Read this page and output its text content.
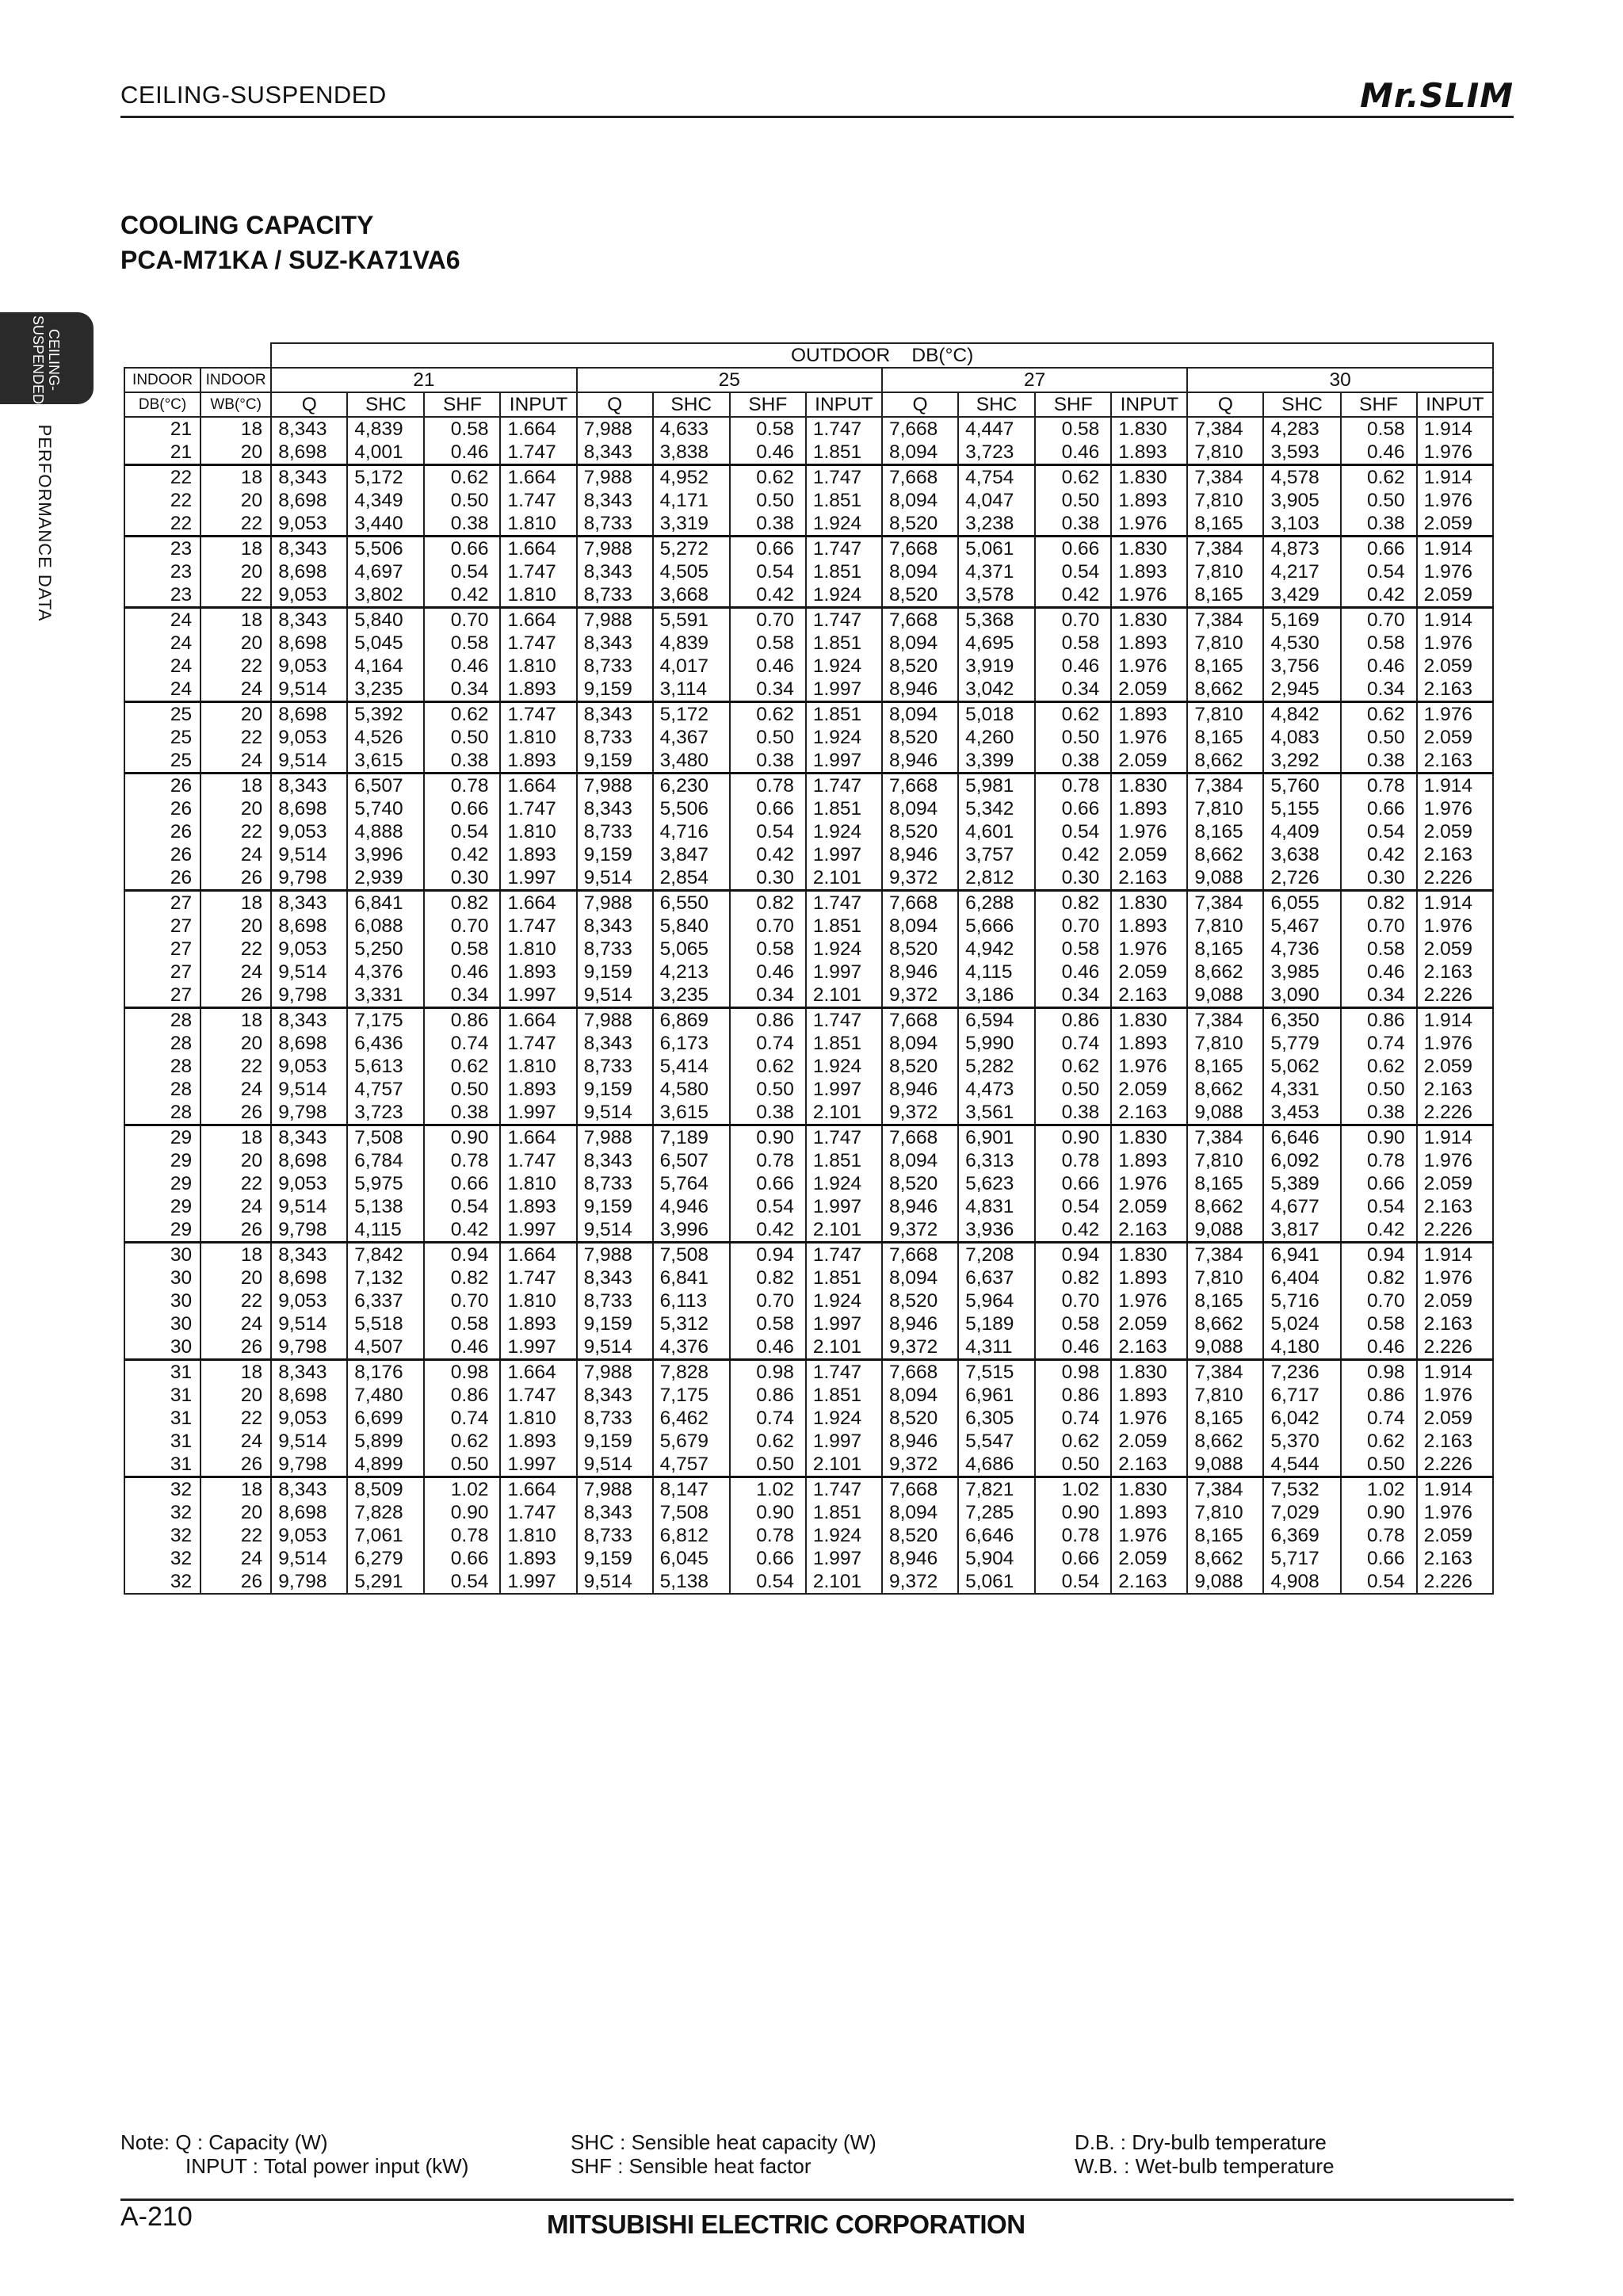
CEILING-SUSPENDED	Mr.SLIM
COOLING CAPACITY
PCA-M71KA / SUZ-KA71VA6
CEILING-
SUSPENDED
PERFORMANCE DATA
		OUTDOOR DB(°C)															
INDOOR	INDOOR	21				25				27				30			
DB(°C)	WB(°C)	Q	SHC	SHF	INPUT	Q	SHC	SHF	INPUT	Q	SHC	SHF	INPUT	Q	SHC	SHF	INPUT
21	18	8,343	4,839	0.58	1.664	7,988	4,633	0.58	1.747	7,668	4,447	0.58	1.830	7,384	4,283	0.58	1.914
21	20	8,698	4,001	0.46	1.747	8,343	3,838	0.46	1.851	8,094	3,723	0.46	1.893	7,810	3,593	0.46	1.976
22	18	8,343	5,172	0.62	1.664	7,988	4,952	0.62	1.747	7,668	4,754	0.62	1.830	7,384	4,578	0.62	1.914
22	20	8,698	4,349	0.50	1.747	8,343	4,171	0.50	1.851	8,094	4,047	0.50	1.893	7,810	3,905	0.50	1.976
22	22	9,053	3,440	0.38	1.810	8,733	3,319	0.38	1.924	8,520	3,238	0.38	1.976	8,165	3,103	0.38	2.059
23	18	8,343	5,506	0.66	1.664	7,988	5,272	0.66	1.747	7,668	5,061	0.66	1.830	7,384	4,873	0.66	1.914
23	20	8,698	4,697	0.54	1.747	8,343	4,505	0.54	1.851	8,094	4,371	0.54	1.893	7,810	4,217	0.54	1.976
23	22	9,053	3,802	0.42	1.810	8,733	3,668	0.42	1.924	8,520	3,578	0.42	1.976	8,165	3,429	0.42	2.059
24	18	8,343	5,840	0.70	1.664	7,988	5,591	0.70	1.747	7,668	5,368	0.70	1.830	7,384	5,169	0.70	1.914
24	20	8,698	5,045	0.58	1.747	8,343	4,839	0.58	1.851	8,094	4,695	0.58	1.893	7,810	4,530	0.58	1.976
24	22	9,053	4,164	0.46	1.810	8,733	4,017	0.46	1.924	8,520	3,919	0.46	1.976	8,165	3,756	0.46	2.059
24	24	9,514	3,235	0.34	1.893	9,159	3,114	0.34	1.997	8,946	3,042	0.34	2.059	8,662	2,945	0.34	2.163
25	20	8,698	5,392	0.62	1.747	8,343	5,172	0.62	1.851	8,094	5,018	0.62	1.893	7,810	4,842	0.62	1.976
25	22	9,053	4,526	0.50	1.810	8,733	4,367	0.50	1.924	8,520	4,260	0.50	1.976	8,165	4,083	0.50	2.059
25	24	9,514	3,615	0.38	1.893	9,159	3,480	0.38	1.997	8,946	3,399	0.38	2.059	8,662	3,292	0.38	2.163
26	18	8,343	6,507	0.78	1.664	7,988	6,230	0.78	1.747	7,668	5,981	0.78	1.830	7,384	5,760	0.78	1.914
26	20	8,698	5,740	0.66	1.747	8,343	5,506	0.66	1.851	8,094	5,342	0.66	1.893	7,810	5,155	0.66	1.976
26	22	9,053	4,888	0.54	1.810	8,733	4,716	0.54	1.924	8,520	4,601	0.54	1.976	8,165	4,409	0.54	2.059
26	24	9,514	3,996	0.42	1.893	9,159	3,847	0.42	1.997	8,946	3,757	0.42	2.059	8,662	3,638	0.42	2.163
26	26	9,798	2,939	0.30	1.997	9,514	2,854	0.30	2.101	9,372	2,812	0.30	2.163	9,088	2,726	0.30	2.226
27	18	8,343	6,841	0.82	1.664	7,988	6,550	0.82	1.747	7,668	6,288	0.82	1.830	7,384	6,055	0.82	1.914
27	20	8,698	6,088	0.70	1.747	8,343	5,840	0.70	1.851	8,094	5,666	0.70	1.893	7,810	5,467	0.70	1.976
27	22	9,053	5,250	0.58	1.810	8,733	5,065	0.58	1.924	8,520	4,942	0.58	1.976	8,165	4,736	0.58	2.059
27	24	9,514	4,376	0.46	1.893	9,159	4,213	0.46	1.997	8,946	4,115	0.46	2.059	8,662	3,985	0.46	2.163
27	26	9,798	3,331	0.34	1.997	9,514	3,235	0.34	2.101	9,372	3,186	0.34	2.163	9,088	3,090	0.34	2.226
28	18	8,343	7,175	0.86	1.664	7,988	6,869	0.86	1.747	7,668	6,594	0.86	1.830	7,384	6,350	0.86	1.914
28	20	8,698	6,436	0.74	1.747	8,343	6,173	0.74	1.851	8,094	5,990	0.74	1.893	7,810	5,779	0.74	1.976
28	22	9,053	5,613	0.62	1.810	8,733	5,414	0.62	1.924	8,520	5,282	0.62	1.976	8,165	5,062	0.62	2.059
28	24	9,514	4,757	0.50	1.893	9,159	4,580	0.50	1.997	8,946	4,473	0.50	2.059	8,662	4,331	0.50	2.163
28	26	9,798	3,723	0.38	1.997	9,514	3,615	0.38	2.101	9,372	3,561	0.38	2.163	9,088	3,453	0.38	2.226
29	18	8,343	7,508	0.90	1.664	7,988	7,189	0.90	1.747	7,668	6,901	0.90	1.830	7,384	6,646	0.90	1.914
29	20	8,698	6,784	0.78	1.747	8,343	6,507	0.78	1.851	8,094	6,313	0.78	1.893	7,810	6,092	0.78	1.976
29	22	9,053	5,975	0.66	1.810	8,733	5,764	0.66	1.924	8,520	5,623	0.66	1.976	8,165	5,389	0.66	2.059
29	24	9,514	5,138	0.54	1.893	9,159	4,946	0.54	1.997	8,946	4,831	0.54	2.059	8,662	4,677	0.54	2.163
29	26	9,798	4,115	0.42	1.997	9,514	3,996	0.42	2.101	9,372	3,936	0.42	2.163	9,088	3,817	0.42	2.226
30	18	8,343	7,842	0.94	1.664	7,988	7,508	0.94	1.747	7,668	7,208	0.94	1.830	7,384	6,941	0.94	1.914
30	20	8,698	7,132	0.82	1.747	8,343	6,841	0.82	1.851	8,094	6,637	0.82	1.893	7,810	6,404	0.82	1.976
30	22	9,053	6,337	0.70	1.810	8,733	6,113	0.70	1.924	8,520	5,964	0.70	1.976	8,165	5,716	0.70	2.059
30	24	9,514	5,518	0.58	1.893	9,159	5,312	0.58	1.997	8,946	5,189	0.58	2.059	8,662	5,024	0.58	2.163
30	26	9,798	4,507	0.46	1.997	9,514	4,376	0.46	2.101	9,372	4,311	0.46	2.163	9,088	4,180	0.46	2.226
31	18	8,343	8,176	0.98	1.664	7,988	7,828	0.98	1.747	7,668	7,515	0.98	1.830	7,384	7,236	0.98	1.914
31	20	8,698	7,480	0.86	1.747	8,343	7,175	0.86	1.851	8,094	6,961	0.86	1.893	7,810	6,717	0.86	1.976
31	22	9,053	6,699	0.74	1.810	8,733	6,462	0.74	1.924	8,520	6,305	0.74	1.976	8,165	6,042	0.74	2.059
31	24	9,514	5,899	0.62	1.893	9,159	5,679	0.62	1.997	8,946	5,547	0.62	2.059	8,662	5,370	0.62	2.163
31	26	9,798	4,899	0.50	1.997	9,514	4,757	0.50	2.101	9,372	4,686	0.50	2.163	9,088	4,544	0.50	2.226
32	18	8,343	8,509	1.02	1.664	7,988	8,147	1.02	1.747	7,668	7,821	1.02	1.830	7,384	7,532	1.02	1.914
32	20	8,698	7,828	0.90	1.747	8,343	7,508	0.90	1.851	8,094	7,285	0.90	1.893	7,810	7,029	0.90	1.976
32	22	9,053	7,061	0.78	1.810	8,733	6,812	0.78	1.924	8,520	6,646	0.78	1.976	8,165	6,369	0.78	2.059
32	24	9,514	6,279	0.66	1.893	9,159	6,045	0.66	1.997	8,946	5,904	0.66	2.059	8,662	5,717	0.66	2.163
32	26	9,798	5,291	0.54	1.997	9,514	5,138	0.54	2.101	9,372	5,061	0.54	2.163	9,088	4,908	0.54	2.226
Note: Q : Capacity (W)
INPUT : Total power input (kW)
SHC : Sensible heat capacity (W)
SHF : Sensible heat factor
D.B. : Dry-bulb temperature
W.B. : Wet-bulb temperature
A-210	MITSUBISHI ELECTRIC CORPORATION
